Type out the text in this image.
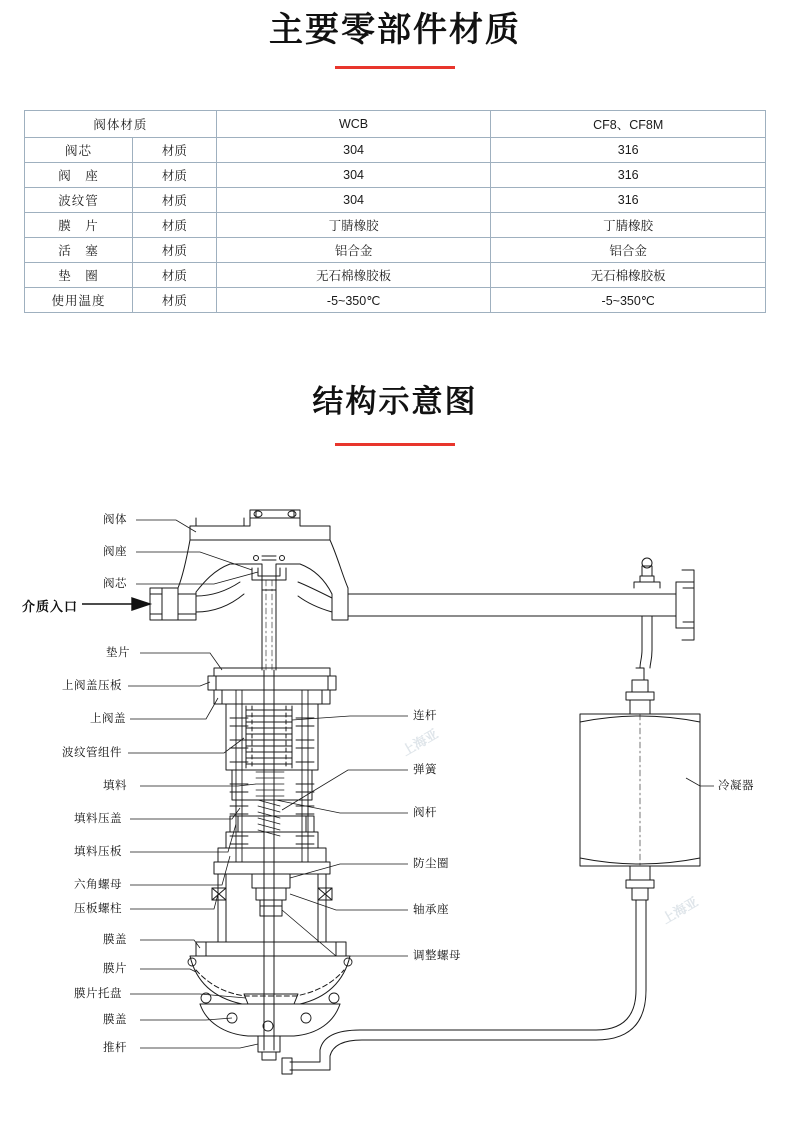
主要零部件材质
阀体材质		WCB	CF8、CF8M
阀芯	材质	304	316
阀　座	材质	304	316
波纹管	材质	304	316
膜　片	材质	丁腈橡胶	丁腈橡胶
活　塞	材质	铝合金	铝合金
垫　圈	材质	无石棉橡胶板	无石棉橡胶板
使用温度	材质	-5~350℃	-5~350℃
结构示意图
介质入口
阀体
阀座
阀芯
垫片
上阀盖压板
上阀盖
波纹管组件
填料
填料压盖
填料压板
六角螺母
压板螺柱
膜盖
膜片
膜片托盘
膜盖
推杆
连杆
弹簧
阀杆
防尘圈
轴承座
调整螺母
冷凝器
上海亚
上海亚
